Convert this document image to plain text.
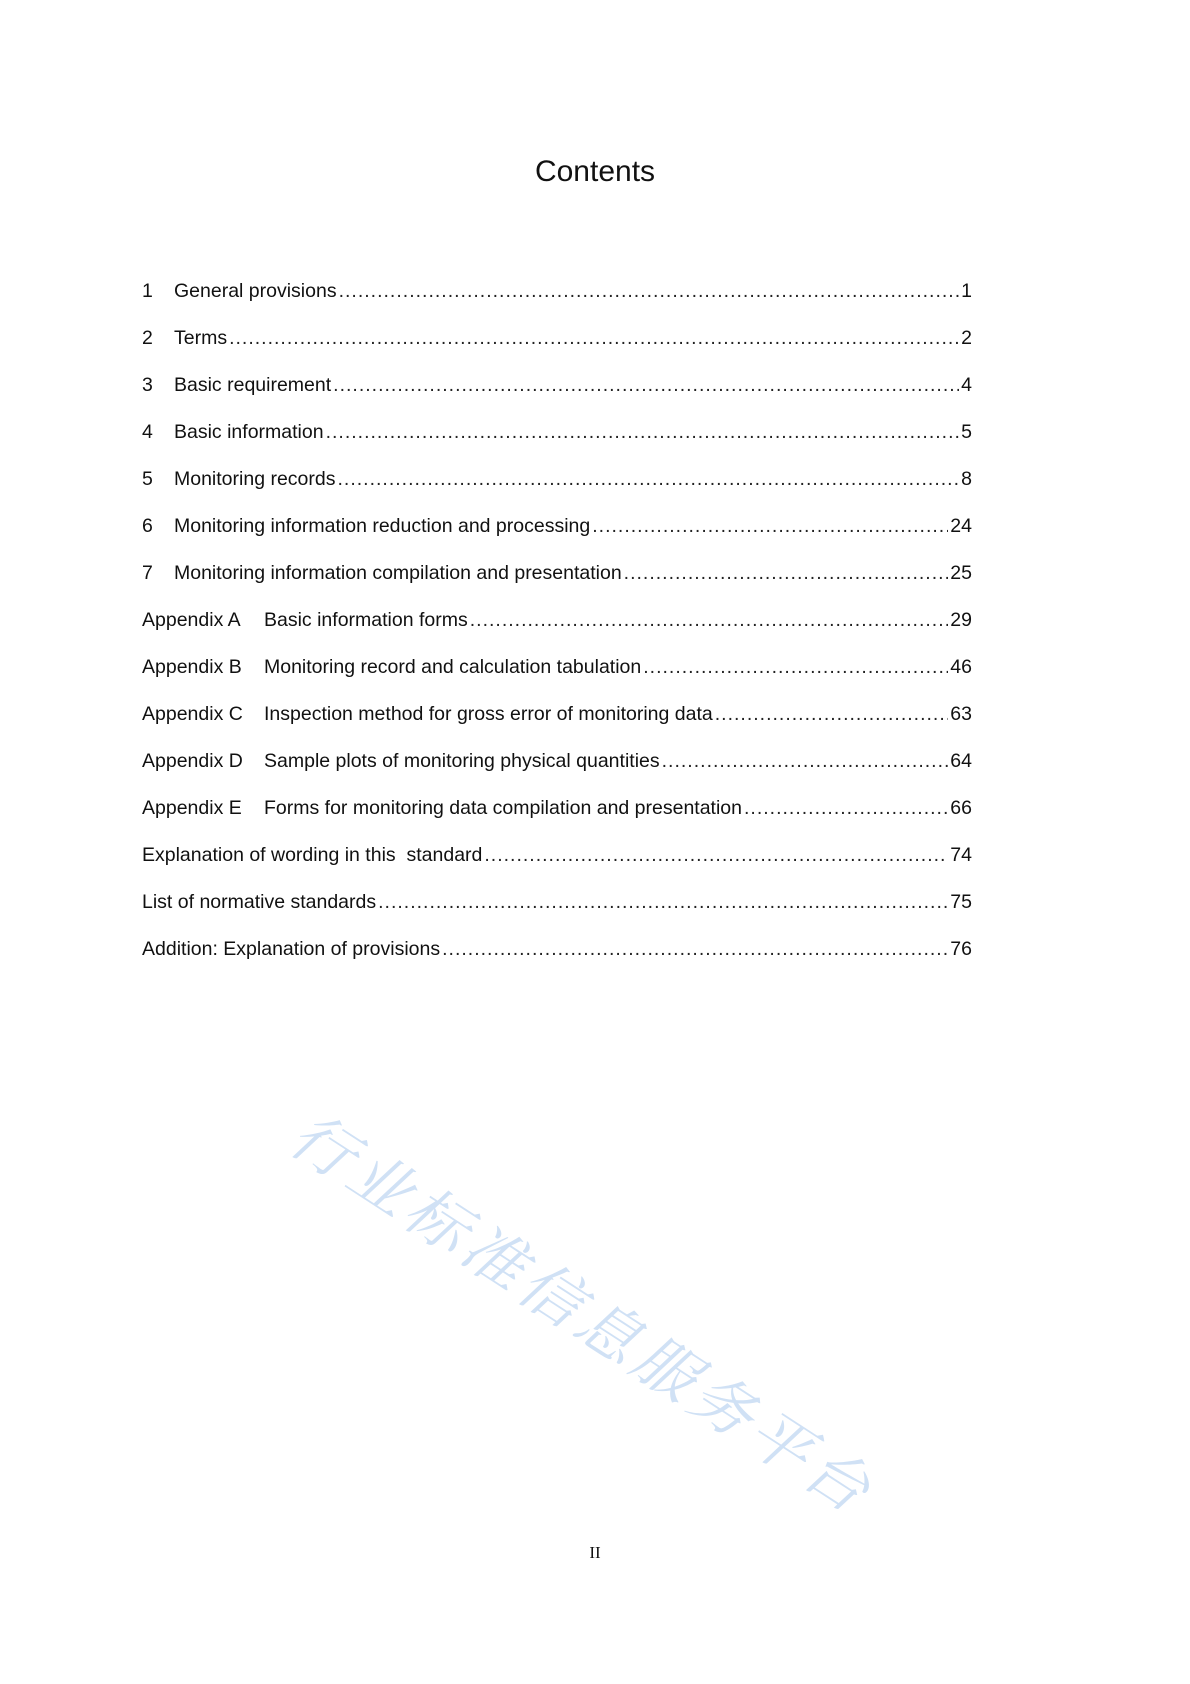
Contents
1	General provisions .....	1
2	Terms .....	2
3	Basic requirement .....	4
4	Basic information .....	5
5	Monitoring records .....	8
6	Monitoring information reduction and processing .....	24
7	Monitoring information compilation and presentation .....	25
Appendix A	Basic information forms .....	29
Appendix B	Monitoring record and calculation tabulation .....	46
Appendix C	Inspection method for gross error of monitoring data .....	63
Appendix D	Sample plots of monitoring physical quantities .....	64
Appendix E	Forms for monitoring data compilation and presentation .....	66
Explanation of wording in this  standard .....	74
List of normative standards .....	75
Addition: Explanation of provisions .....	76
行业标准信息服务平台
II
